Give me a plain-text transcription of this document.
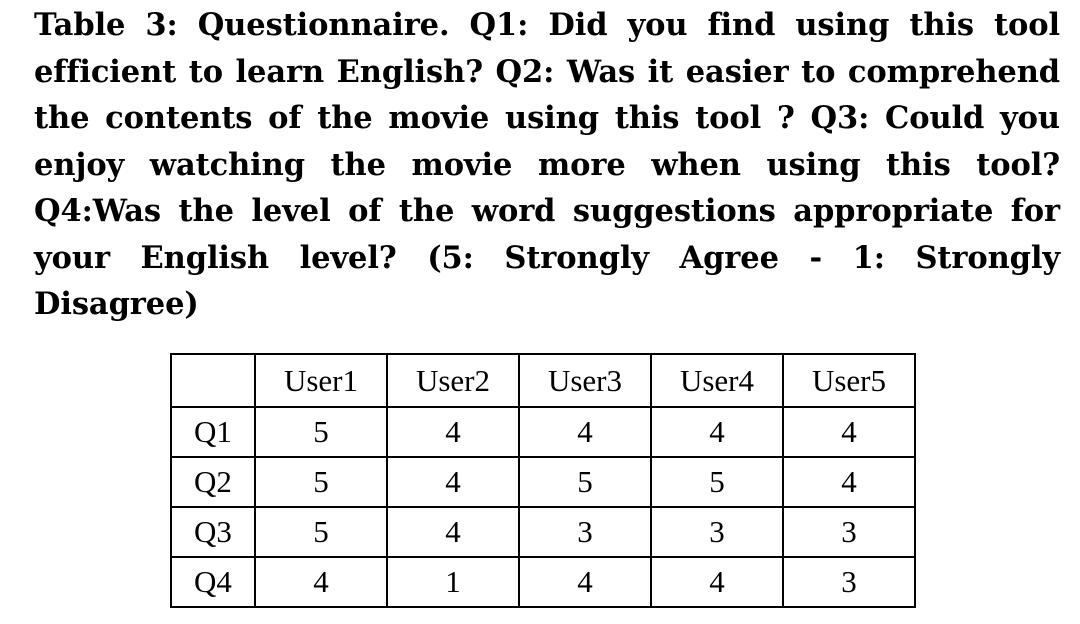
Table 3: Questionnaire. Q1: Did you find using this tool efficient to learn English? Q2: Was it easier to comprehend the contents of the movie using this tool ? Q3: Could you enjoy watching the movie more when using this tool? Q4:Was the level of the word suggestions appropriate for your English level? (5: Strongly Agree - 1: Strongly Disagree)
	User1	User2	User3	User4	User5
Q1	5	4	4	4	4
Q2	5	4	5	5	4
Q3	5	4	3	3	3
Q4	4	1	4	4	3
